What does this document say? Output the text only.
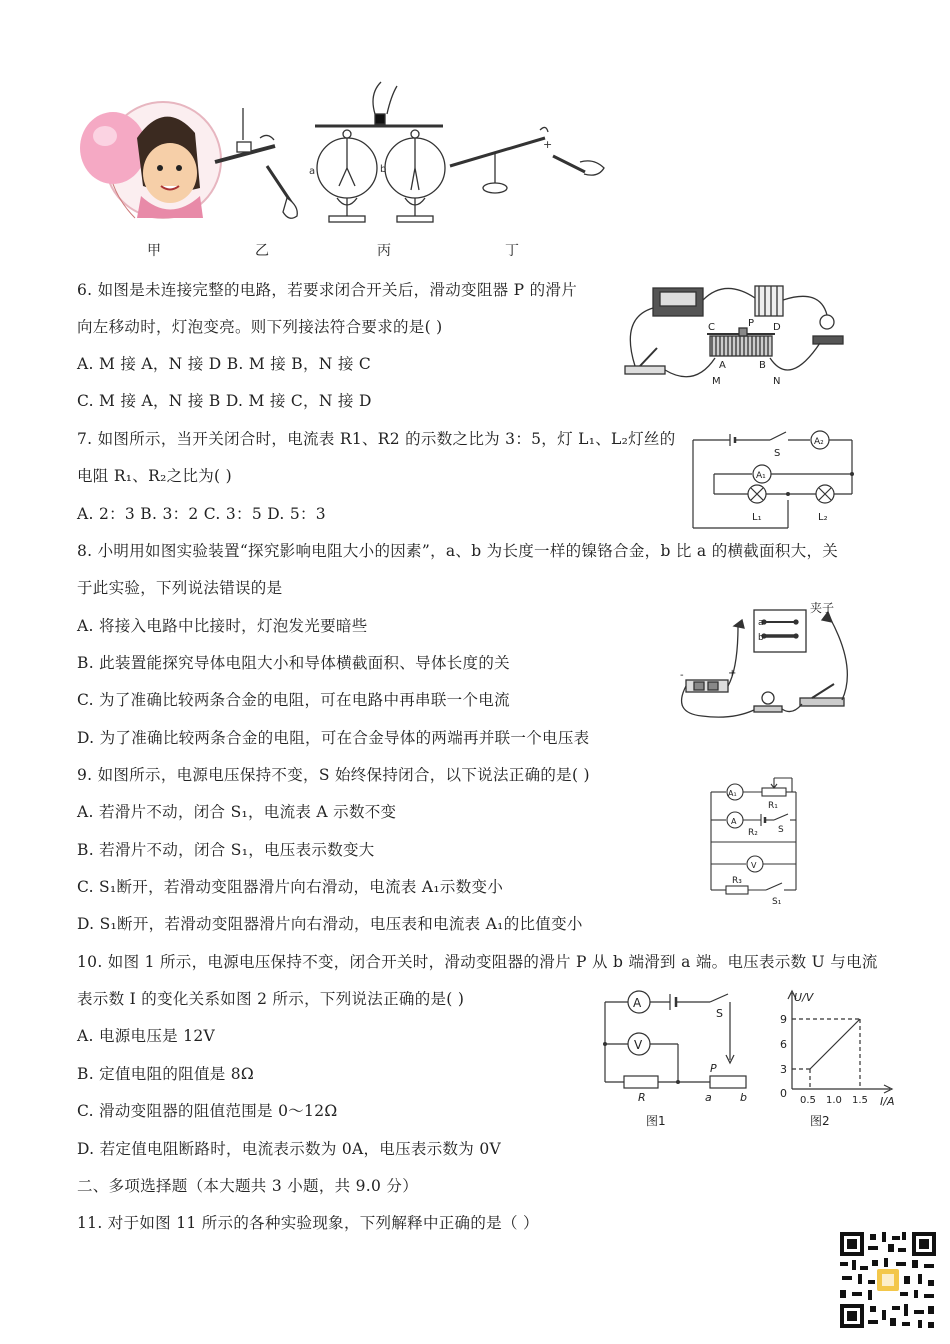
a	b
+
甲	乙	丙	丁
6. 如图是未连接完整的电路，若要求闭合开关后，滑动变阻器 P 的滑片
向左移动时，灯泡变亮。则下列接法符合要求的是( )
A. M 接 A，N 接 D B. M 接 B，N 接 C
C. M 接 A，N 接 B D. M 接 C，N 接 D
C	P D
A	B
M	N
7. 如图所示，当开关闭合时，电流表 R1、R2 的示数之比为 3：5，灯 L₁、L₂灯丝的
电阻 R₁、R₂之比为( )
A. 2：3 B. 3：2 C. 3：5 D. 5：3
S
A₂
A₁
L₁	L₂
8. 小明用如图实验装置“探究影响电阻大小的因素”，a、b 为长度一样的镍铬合金，b 比 a 的横截面积大，关
于此实验，下列说法错误的是
A. 将接入电路中比接时，灯泡发光要暗些
B. 此装置能探究导体电阻大小和导体横截面积、导体长度的关
C. 为了准确比较两条合金的电阻，可在电路中再串联一个电流
D. 为了准确比较两条合金的电阻，可在合金导体的两端再并联一个电压表
夹子
a
b
-	+
9. 如图所示，电源电压保持不变，S 始终保持闭合，以下说法正确的是( )
A. 若滑片不动，闭合 S₁，电流表 A 示数不变
B. 若滑片不动，闭合 S₁，电压表示数变大
C. S₁断开，若滑动变阻器滑片向右滑动，电流表 A₁示数变小
D. S₁断开，若滑动变阻器滑片向右滑动，电压表和电流表 A₁的比值变小
A₁
R₁
A
R₂ S
V
R₃
S₁
10. 如图 1 所示，电源电压保持不变，闭合开关时，滑动变阻器的滑片 P 从 b 端滑到 a 端。电压表示数 U 与电流
表示数 I 的变化关系如图 2 所示，下列说法正确的是( )
A. 电源电压是 12V
B. 定值电阻的阻值是 8Ω
C. 滑动变阻器的阻值范围是 0～12Ω
D. 若定值电阻断路时，电流表示数为 0A，电压表示数为 0V
A
S
V
P
R	a	b
图1
U/V
I/A
9
6
3
0
0.5 1.0 1.5
图2
二、多项选择题（本大题共 3 小题，共 9.0 分）
11. 对于如图 11 所示的各种实验现象，下列解释中正确的是（ ）
